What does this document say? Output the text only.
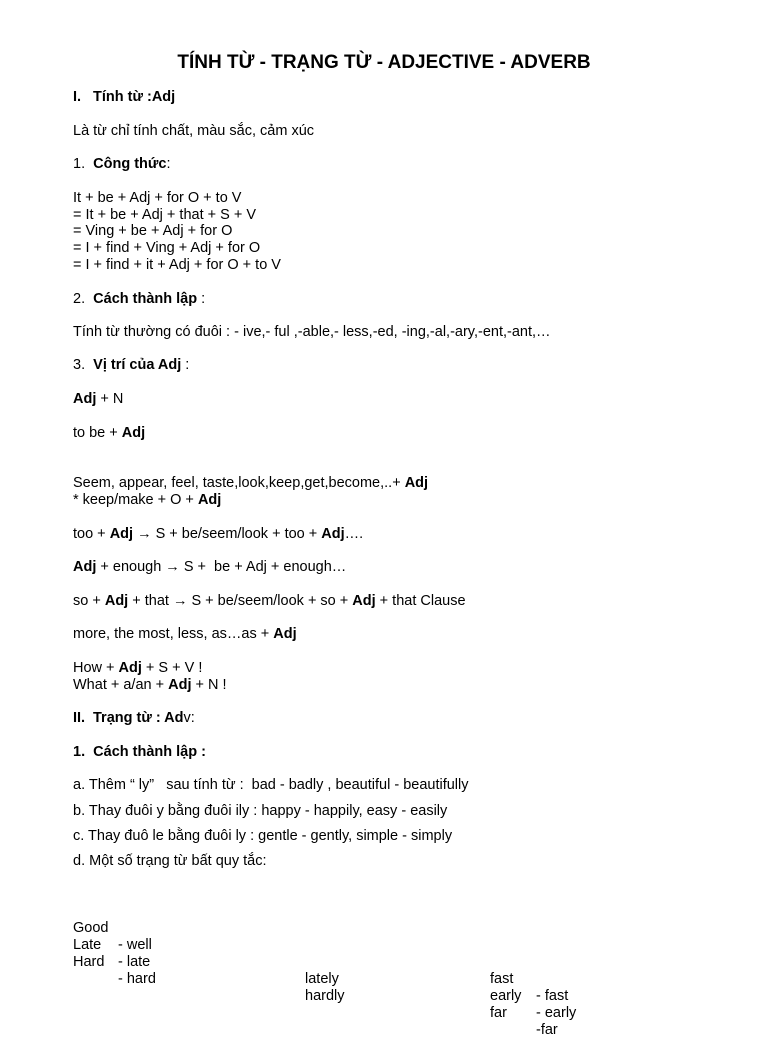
TÍNH TỪ - TRẠNG TỪ - ADJECTIVE - ADVERB
I. Tính từ :Adj
Là từ chỉ tính chất, màu sắc, cảm xúc
1. Công thức:
It + be + Adj + for O + to V
= It + be + Adj + that + S + V
= Ving + be + Adj + for O
= I + find + Ving + Adj + for O
= I + find + it + Adj + for O + to V
2. Cách thành lập :
Tính từ thường có đuôi : - ive,- ful ,-able,- less,-ed, -ing,-al,-ary,-ent,-ant,…
3. Vị trí của Adj :
Adj + N
to be + Adj
Seem, appear, feel, taste,look,keep,get,become,..+ Adj
* keep/make + O + Adj
too + Adj → S + be/seem/look + too + Adj….
Adj + enough → S +  be + Adj + enough…
so + Adj + that → S + be/seem/look + so + Adj + that Clause
more, the most, less, as…as + Adj
How + Adj + S + V !
What + a/an + Adj + N !
II. Trạng từ : Adv:
1. Cách thành lập :
a. Thêm “ ly”   sau tính từ :  bad - badly , beautiful - beautifully
b. Thay đuôi y bằng đuôi ily : happy - happily, easy - easily
c. Thay đuô le bằng đuôi ly : gentle - gently, simple - simply
d. Một số trạng từ bất quy tắc:

Good

- well

fast

- fast

Late

- late

lately

early

- early

Hard

- hard

hardly

far

-far
